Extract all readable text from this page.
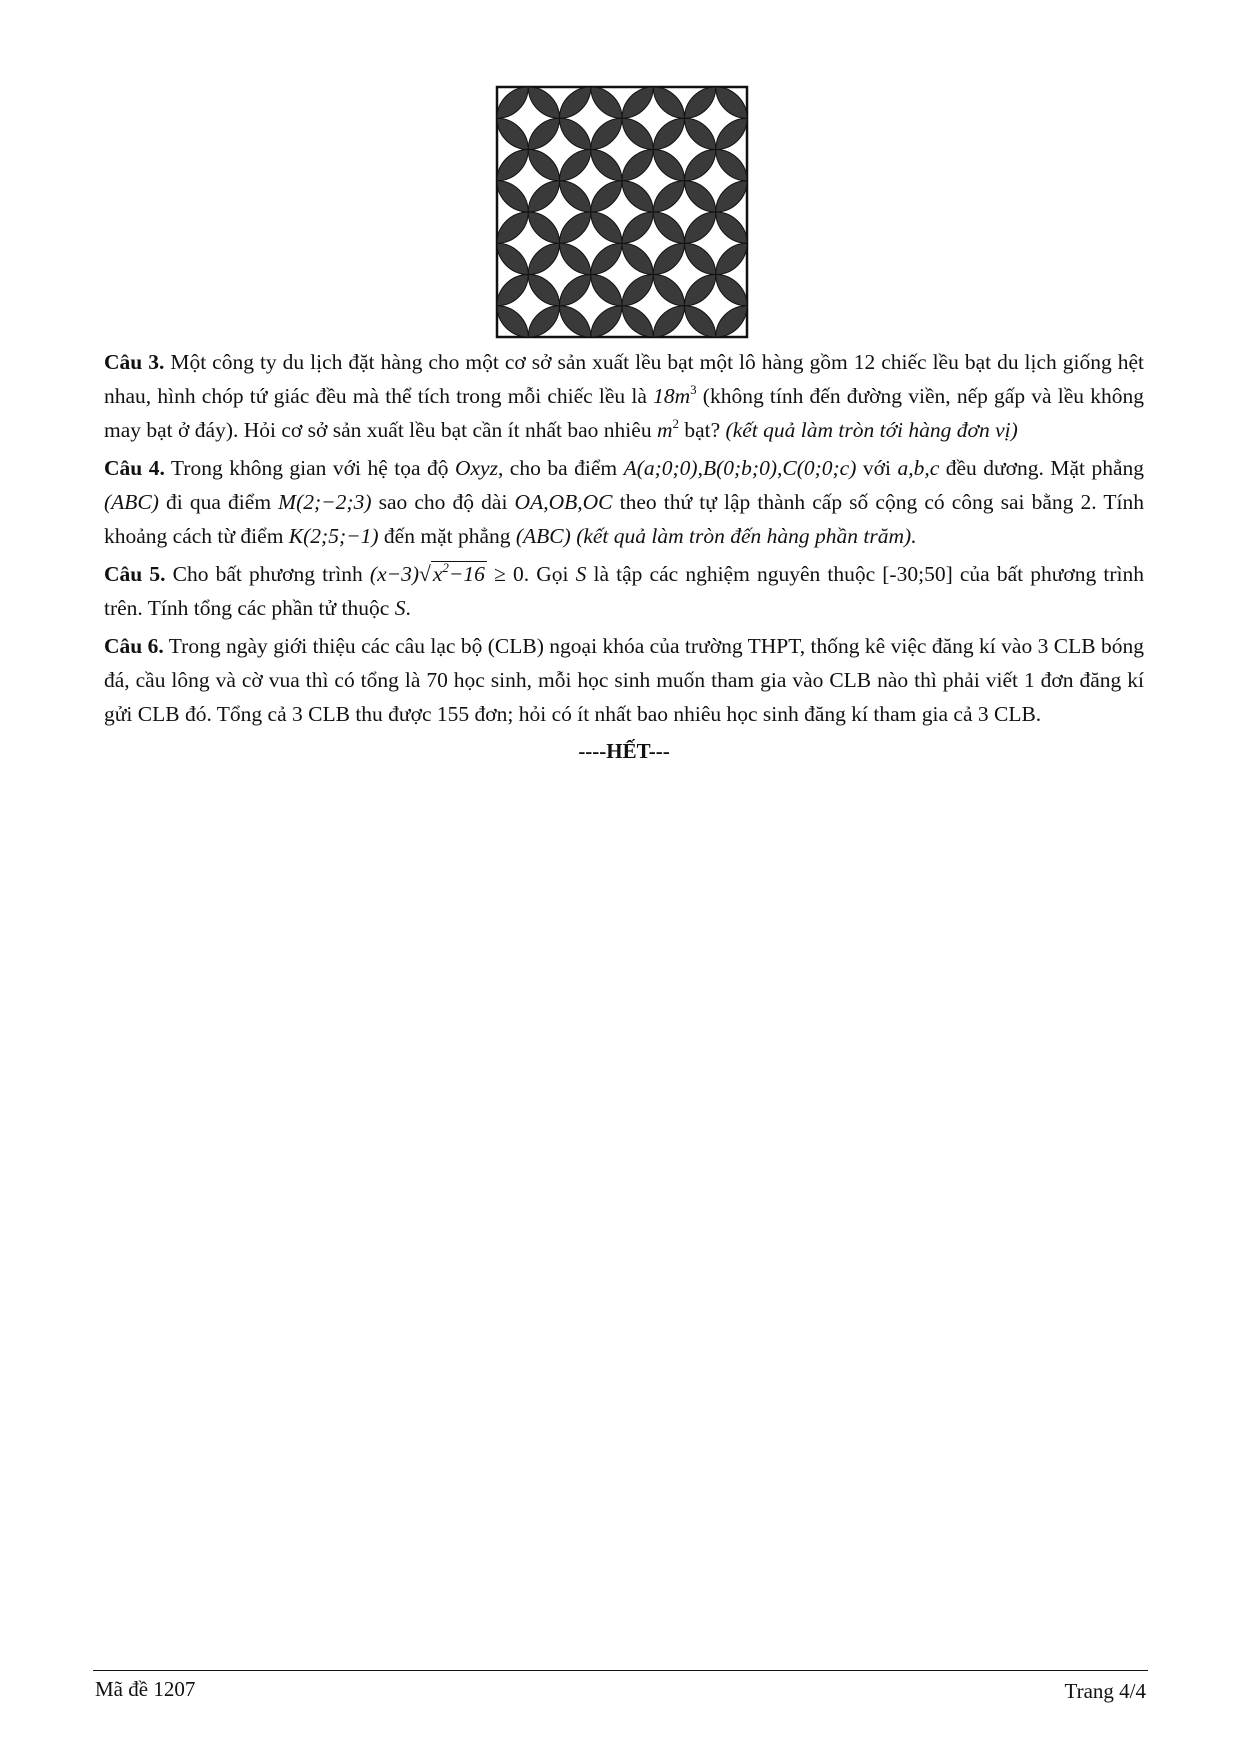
Câu 3. Một công ty du lịch đặt hàng cho một cơ sở sản xuất lều bạt một lô hàng gồm 12 chiếc lều bạt du lịch giống hệt nhau, hình chóp tứ giác đều mà thể tích trong mỗi chiếc lều là $18m^3$ (không tính đến đường viền, nếp gấp và lều không may bạt ở đáy). Hỏi cơ sở sản xuất lều bạt cần ít nhất bao nhiêu $m^2$ bạt? (kết quả làm tròn tới hàng đơn vị)

Câu 4. Trong không gian với hệ tọa độ Oxyz, cho ba điểm A(a;0;0),B(0;b;0),C(0;0;c) với a,b,c đều dương. Mặt phẳng (ABC) đi qua điểm M(2;−2;3) sao cho độ dài OA,OB,OC theo thứ tự lập thành cấp số cộng có công sai bằng 2. Tính khoảng cách từ điểm K(2;5;−1) đến mặt phẳng (ABC) (kết quả làm tròn đến hàng phần trăm).

Câu 5. Cho bất phương trình $(x-3)√x^2-16 \ge 0$. Gọi S là tập các nghiệm nguyên thuộc [-30;50] của bất phương trình trên. Tính tổng các phần tử thuộc S.

Câu 6. Trong ngày giới thiệu các câu lạc bộ (CLB) ngoại khóa của trường THPT, thống kê việc đăng kí vào 3 CLB bóng đá, cầu lông và cờ vua thì có tổng là 70 học sinh, mỗi học sinh muốn tham gia vào CLB nào thì phải viết 1 đơn đăng kí gửi CLB đó. Tổng cả 3 CLB thu được 155 đơn; hỏi có ít nhất bao nhiêu học sinh đăng kí tham gia cả 3 CLB.

----HẾT---
Mã đề 1207	Trang 4/4
